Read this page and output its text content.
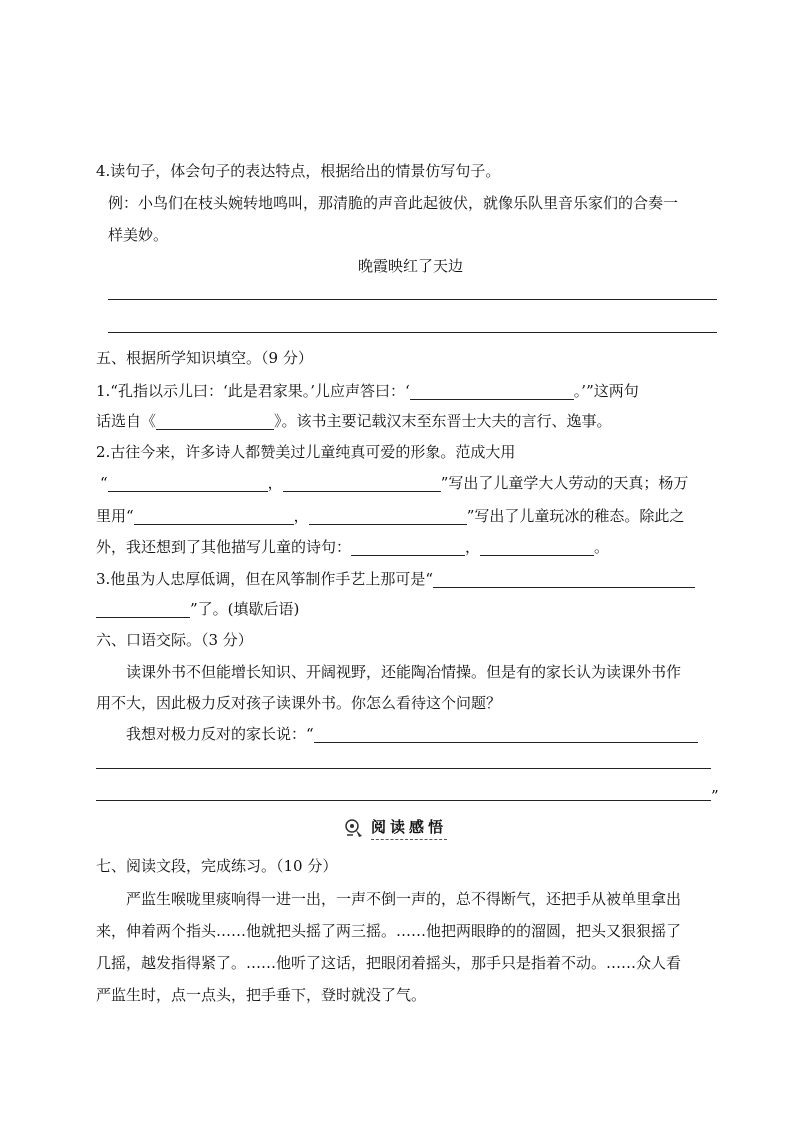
4.读句子，体会句子的表达特点，根据给出的情景仿写句子。
例：小鸟们在枝头婉转地鸣叫，那清脆的声音此起彼伏，就像乐队里音乐家们的合奏一
样美妙。
晚霞映红了天边
五、根据所学知识填空。（9 分）
1.“孔指以示儿曰：‘此是君家果。’儿应声答曰：‘	。’”这两句
话选自《	》。该书主要记载汉末至东晋士大夫的言行、逸事。
2.古往今来，许多诗人都赞美过儿童纯真可爱的形象。范成大用
“	，	”写出了儿童学大人劳动的天真；杨万
里用“	，	”写出了儿童玩冰的稚态。除此之
外，我还想到了其他描写儿童的诗句：	，	。
3.他虽为人忠厚低调，但在风筝制作手艺上那可是“
”了。(填歇后语)
六、口语交际。（3 分）
读课外书不但能增长知识、开阔视野，还能陶冶情操。但是有的家长认为读课外书作
用不大，因此极力反对孩子读课外书。你怎么看待这个问题？
我想对极力反对的家长说：“
”
阅读感悟
七、阅读文段，完成练习。（10 分）
严监生喉咙里痰响得一进一出，一声不倒一声的，总不得断气，还把手从被单里拿出
来，伸着两个指头……他就把头摇了两三摇。……他把两眼睁的的溜圆，把头又狠狠摇了
几摇，越发指得紧了。……他听了这话，把眼闭着摇头，那手只是指着不动。……众人看
严监生时，点一点头，把手垂下，登时就没了气。
